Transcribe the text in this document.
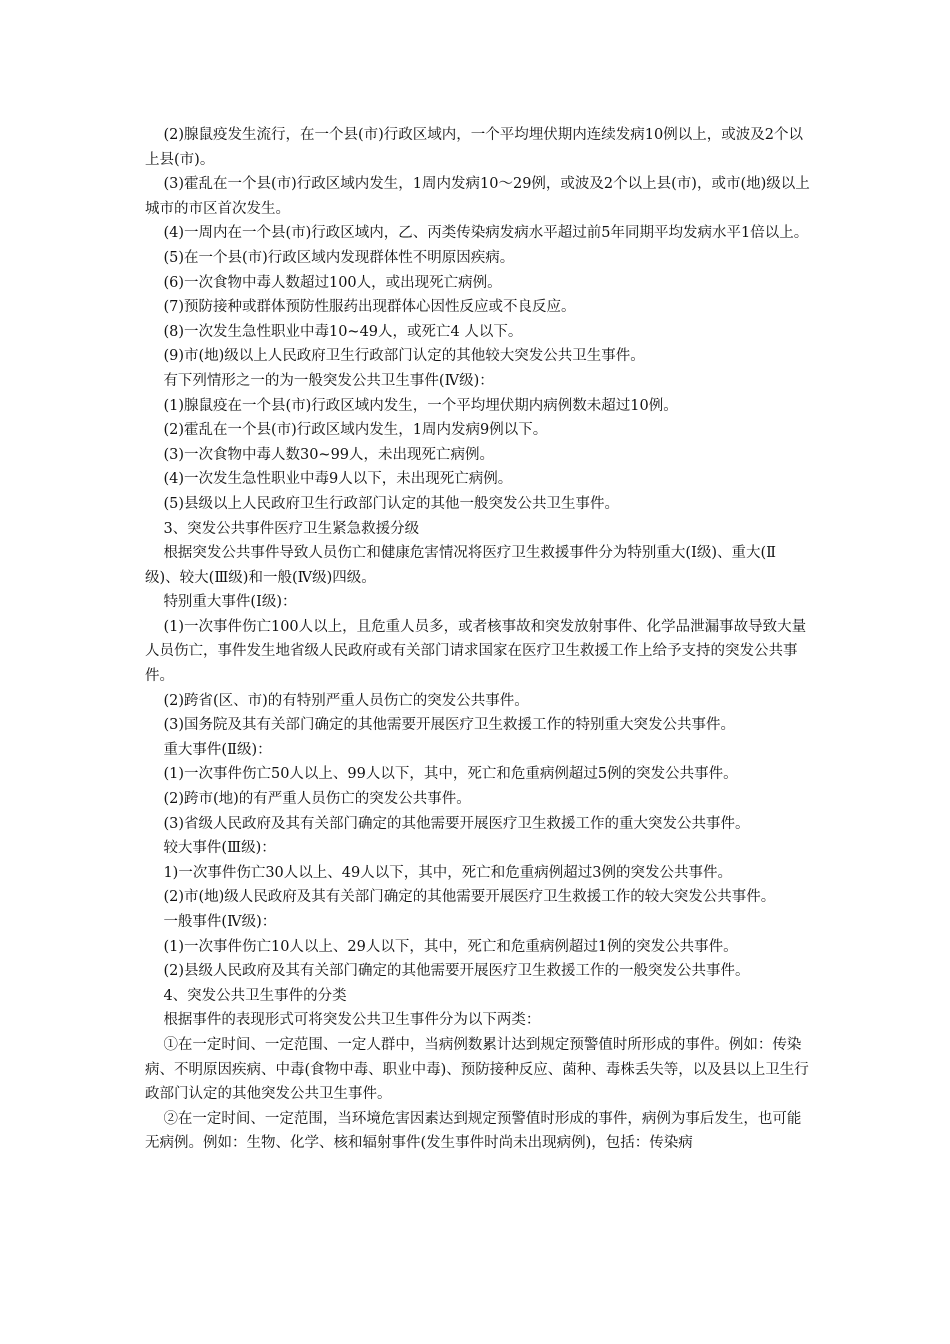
(2)腺鼠疫发生流行，在一个县(市)行政区域内，一个平均埋伏期内连续发病10例以上，或波及2个以上县(市)。

(3)霍乱在一个县(市)行政区域内发生，1周内发病10～29例，或波及2个以上县(市)，或市(地)级以上城市的市区首次发生。

(4)一周内在一个县(市)行政区域内，乙、丙类传染病发病水平超过前5年同期平均发病水平1倍以上。

(5)在一个县(市)行政区域内发现群体性不明原因疾病。

(6)一次食物中毒人数超过100人，或出现死亡病例。

(7)预防接种或群体预防性服药出现群体心因性反应或不良反应。

(8)一次发生急性职业中毒10~49人，或死亡4 人以下。

(9)市(地)级以上人民政府卫生行政部门认定的其他较大突发公共卫生事件。

有下列情形之一的为一般突发公共卫生事件(Ⅳ级)：

(1)腺鼠疫在一个县(市)行政区域内发生，一个平均埋伏期内病例数未超过10例。

(2)霍乱在一个县(市)行政区域内发生，1周内发病9例以下。

(3)一次食物中毒人数30~99人，未出现死亡病例。

(4)一次发生急性职业中毒9人以下，未出现死亡病例。

(5)县级以上人民政府卫生行政部门认定的其他一般突发公共卫生事件。

3、突发公共事件医疗卫生紧急救援分级

根据突发公共事件导致人员伤亡和健康危害情况将医疗卫生救援事件分为特别重大(Ⅰ级)、重大(Ⅱ级)、较大(Ⅲ级)和一般(Ⅳ级)四级。

特别重大事件(Ⅰ级)：

(1)一次事件伤亡100人以上，且危重人员多，或者核事故和突发放射事件、化学品泄漏事故导致大量人员伤亡，事件发生地省级人民政府或有关部门请求国家在医疗卫生救援工作上给予支持的突发公共事件。

(2)跨省(区、市)的有特别严重人员伤亡的突发公共事件。

(3)国务院及其有关部门确定的其他需要开展医疗卫生救援工作的特别重大突发公共事件。

重大事件(Ⅱ级)：

(1)一次事件伤亡50人以上、99人以下，其中，死亡和危重病例超过5例的突发公共事件。

(2)跨市(地)的有严重人员伤亡的突发公共事件。

(3)省级人民政府及其有关部门确定的其他需要开展医疗卫生救援工作的重大突发公共事件。

较大事件(Ⅲ级)：

1)一次事件伤亡30人以上、49人以下，其中，死亡和危重病例超过3例的突发公共事件。

(2)市(地)级人民政府及其有关部门确定的其他需要开展医疗卫生救援工作的较大突发公共事件。

一般事件(Ⅳ级)：

(1)一次事件伤亡10人以上、29人以下，其中，死亡和危重病例超过1例的突发公共事件。

(2)县级人民政府及其有关部门确定的其他需要开展医疗卫生救援工作的一般突发公共事件。

4、突发公共卫生事件的分类

根据事件的表现形式可将突发公共卫生事件分为以下两类：

①在一定时间、一定范围、一定人群中，当病例数累计达到规定预警值时所形成的事件。例如：传染病、不明原因疾病、中毒(食物中毒、职业中毒)、预防接种反应、菌种、毒株丢失等，以及县以上卫生行政部门认定的其他突发公共卫生事件。

②在一定时间、一定范围，当环境危害因素达到规定预警值时形成的事件，病例为事后发生，也可能无病例。例如：生物、化学、核和辐射事件(发生事件时尚未出现病例)，包括：传染病
